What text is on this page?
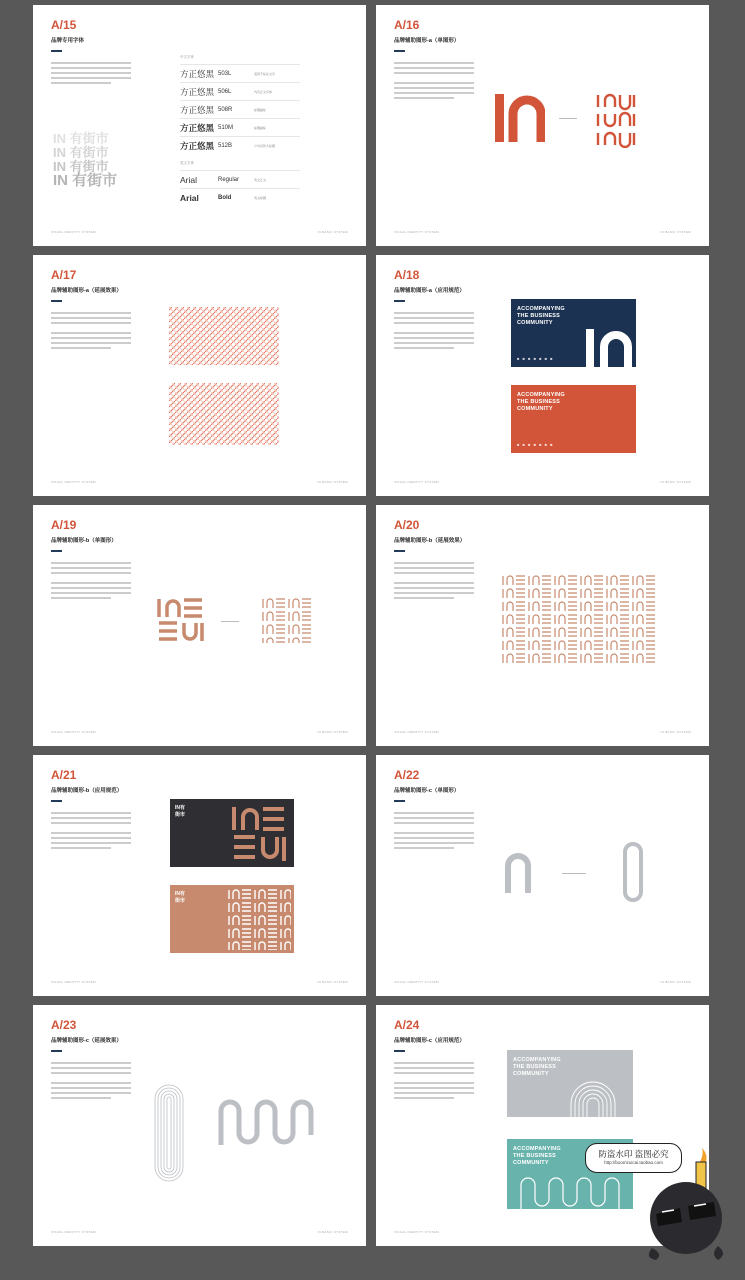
A/15
品牌专用字体
IN 有街市
IN 有街市
IN 有街市
IN 有街市
中文字体
方正悠黑 503L	适用于标注文字
方正悠黑 506L	内页正文字体
方正悠黑 508R	标题副标
方正悠黑 510M	标题副标
方正悠黑 512B	户外宣传大标题
英文字体
Arial	Regular	英文正文
Arial	Bold	英文标题
VISUAL IDENTITY SYSTEM	IN BASIC SYSTEM
A/16
品牌辅助图形-a（单图形）
VISUAL IDENTITY SYSTEM	IN BASIC SYSTEM
A/17
品牌辅助图形-a（延展效果）
VISUAL IDENTITY SYSTEM	IN BASIC SYSTEM
A/18
品牌辅助图形-a（应用规范）
ACCOMPANYING
THE BUSINESS
COMMUNITY
■ ■ ■ ■ ■ ■ ■
ACCOMPANYING
THE BUSINESS
COMMUNITY
■ ■ ■ ■ ■ ■ ■
VISUAL IDENTITY SYSTEM	IN BASIC SYSTEM
A/19
品牌辅助图形-b（单图形）
VISUAL IDENTITY SYSTEM	IN BASIC SYSTEM
A/20
品牌辅助图形-b（延展效果）
VISUAL IDENTITY SYSTEM	IN BASIC SYSTEM
A/21
品牌辅助图形-b（应用规范）
IN有
街市
IN有
街市
VISUAL IDENTITY SYSTEM	IN BASIC SYSTEM
A/22
品牌辅助图形-c（单图形）
VISUAL IDENTITY SYSTEM	IN BASIC SYSTEM
A/23
品牌辅助图形-c（延展效果）
VISUAL IDENTITY SYSTEM	IN BASIC SYSTEM
A/24
品牌辅助图形-c（应用规范）
ACCOMPANYING
THE BUSINESS
COMMUNITY
ACCOMPANYING
THE BUSINESS
COMMUNITY
VISUAL IDENTITY SYSTEM
防盗水印 盗图必究
http://boomzuicai.taobao.com
